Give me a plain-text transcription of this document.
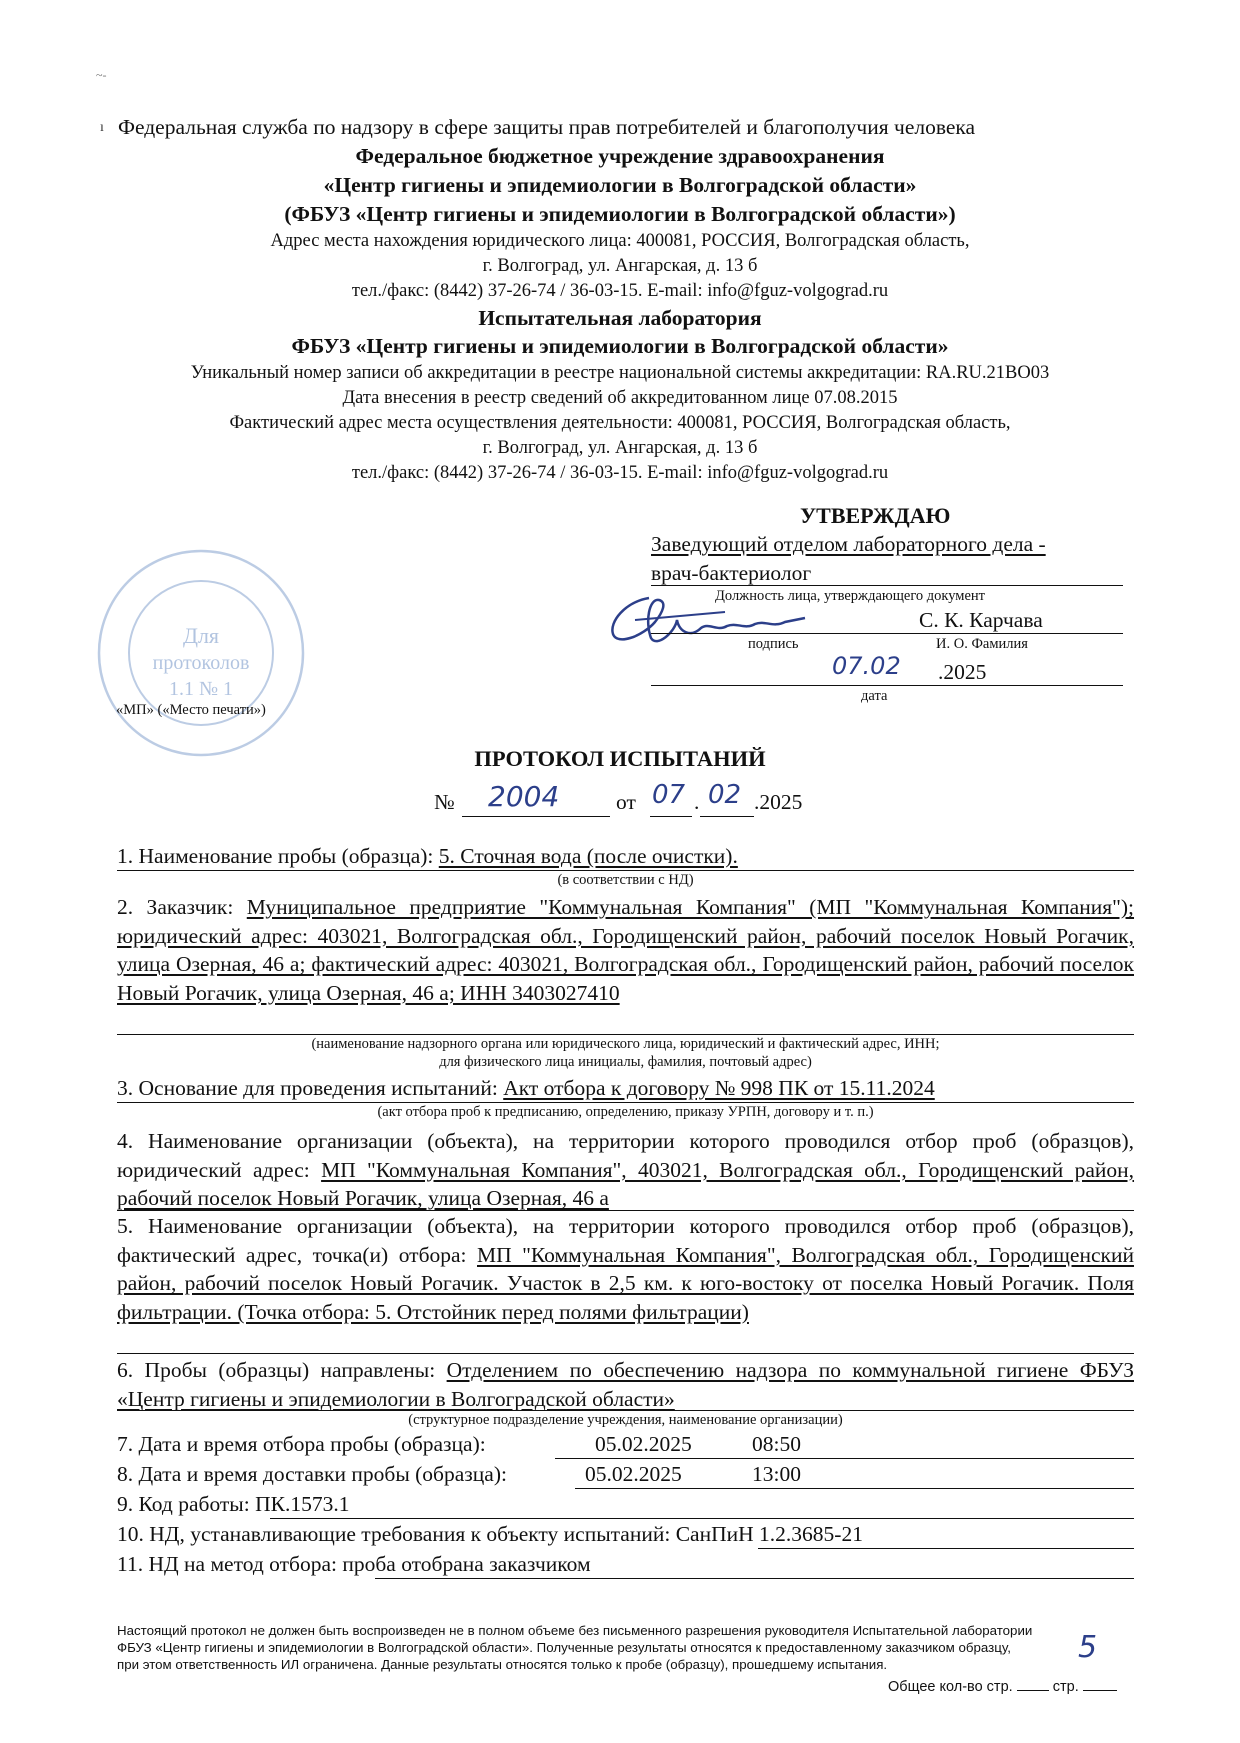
~-
ı Федеральная служба по надзору в сфере защиты прав потребителей и благополучия человека
Федеральное бюджетное учреждение здравоохранения
«Центр гигиены и эпидемиологии в Волгоградской области»
(ФБУЗ «Центр гигиены и эпидемиологии в Волгоградской области»)
Адрес места нахождения юридического лица: 400081, РОССИЯ, Волгоградская область,
г. Волгоград, ул. Ангарская, д. 13 б
тел./факс: (8442) 37-26-74 / 36-03-15. E-mail: info@fguz-volgograd.ru
Испытательная лаборатория
ФБУЗ «Центр гигиены и эпидемиологии в Волгоградской области»
Уникальный номер записи об аккредитации в реестре национальной системы аккредитации: RA.RU.21ВО03
Дата внесения в реестр сведений об аккредитованном лице 07.08.2015
Фактический адрес места осуществления деятельности: 400081, РОССИЯ, Волгоградская область,
г. Волгоград, ул. Ангарская, д. 13 б
тел./факс: (8442) 37-26-74 / 36-03-15. E-mail: info@fguz-volgograd.ru
Для
протоколов
1.1 № 1
«МП» («Место печати»)
УТВЕРЖДАЮ
Заведующий отделом лабораторного дела -
врач-бактериолог
Должность лица, утверждающего документ
С. К. Карчава
подпись	И. О. Фамилия
07.02 .2025
дата
ПРОТОКОЛ ИСПЫТАНИЙ
№ 2004	от 07 . 02 .2025
1. Наименование пробы (образца): 5. Сточная вода (после очистки).
(в соответствии с НД)
2. Заказчик: Муниципальное предприятие "Коммунальная Компания" (МП "Коммунальная Компания"); юридический адрес: 403021, Волгоградская обл., Городищенский район, рабочий поселок Новый Рогачик, улица Озерная, 46 а; фактический адрес: 403021, Волгоградская обл., Городищенский район, рабочий поселок Новый Рогачик, улица Озерная, 46 а; ИНН 3403027410
(наименование надзорного органа или юридического лица, юридический и фактический адрес, ИНН;
для физического лица инициалы, фамилия, почтовый адрес)
3. Основание для проведения испытаний: Акт отбора к договору № 998 ПК от 15.11.2024
(акт отбора проб к предписанию, определению, приказу УРПН, договору и т. п.)
4. Наименование организации (объекта), на территории которого проводился отбор проб (образцов), юридический адрес: МП "Коммунальная Компания", 403021, Волгоградская обл., Городищенский район, рабочий поселок Новый Рогачик, улица Озерная, 46 а
5. Наименование организации (объекта), на территории которого проводился отбор проб (образцов), фактический адрес, точка(и) отбора: МП "Коммунальная Компания", Волгоградская обл., Городищенский район, рабочий поселок Новый Рогачик. Участок в 2,5 км. к юго-востоку от поселка Новый Рогачик. Поля фильтрации. (Точка отбора: 5. Отстойник перед полями фильтрации)
6. Пробы (образцы) направлены: Отделением по обеспечению надзора по коммунальной гигиене ФБУЗ «Центр гигиены и эпидемиологии в Волгоградской области»
(структурное подразделение учреждения, наименование организации)
7. Дата и время отбора пробы (образца):	05.02.2025	08:50
8. Дата и время доставки пробы (образца):	05.02.2025	13:00
9. Код работы: ПК.1573.1
10. НД, устанавливающие требования к объекту испытаний: СанПиН 1.2.3685-21
11. НД на метод отбора: проба отобрана заказчиком
Настоящий протокол не должен быть воспроизведен не в полном объеме без письменного разрешения руководителя Испытательной лаборатории
ФБУЗ «Центр гигиены и эпидемиологии в Волгоградской области». Полученные результаты относятся к предоставленному заказчиком образцу,
при этом ответственность ИЛ ограничена. Данные результаты относятся только к пробе (образцу), прошедшему испытания.	5
Общее кол-во стр.	стр.
